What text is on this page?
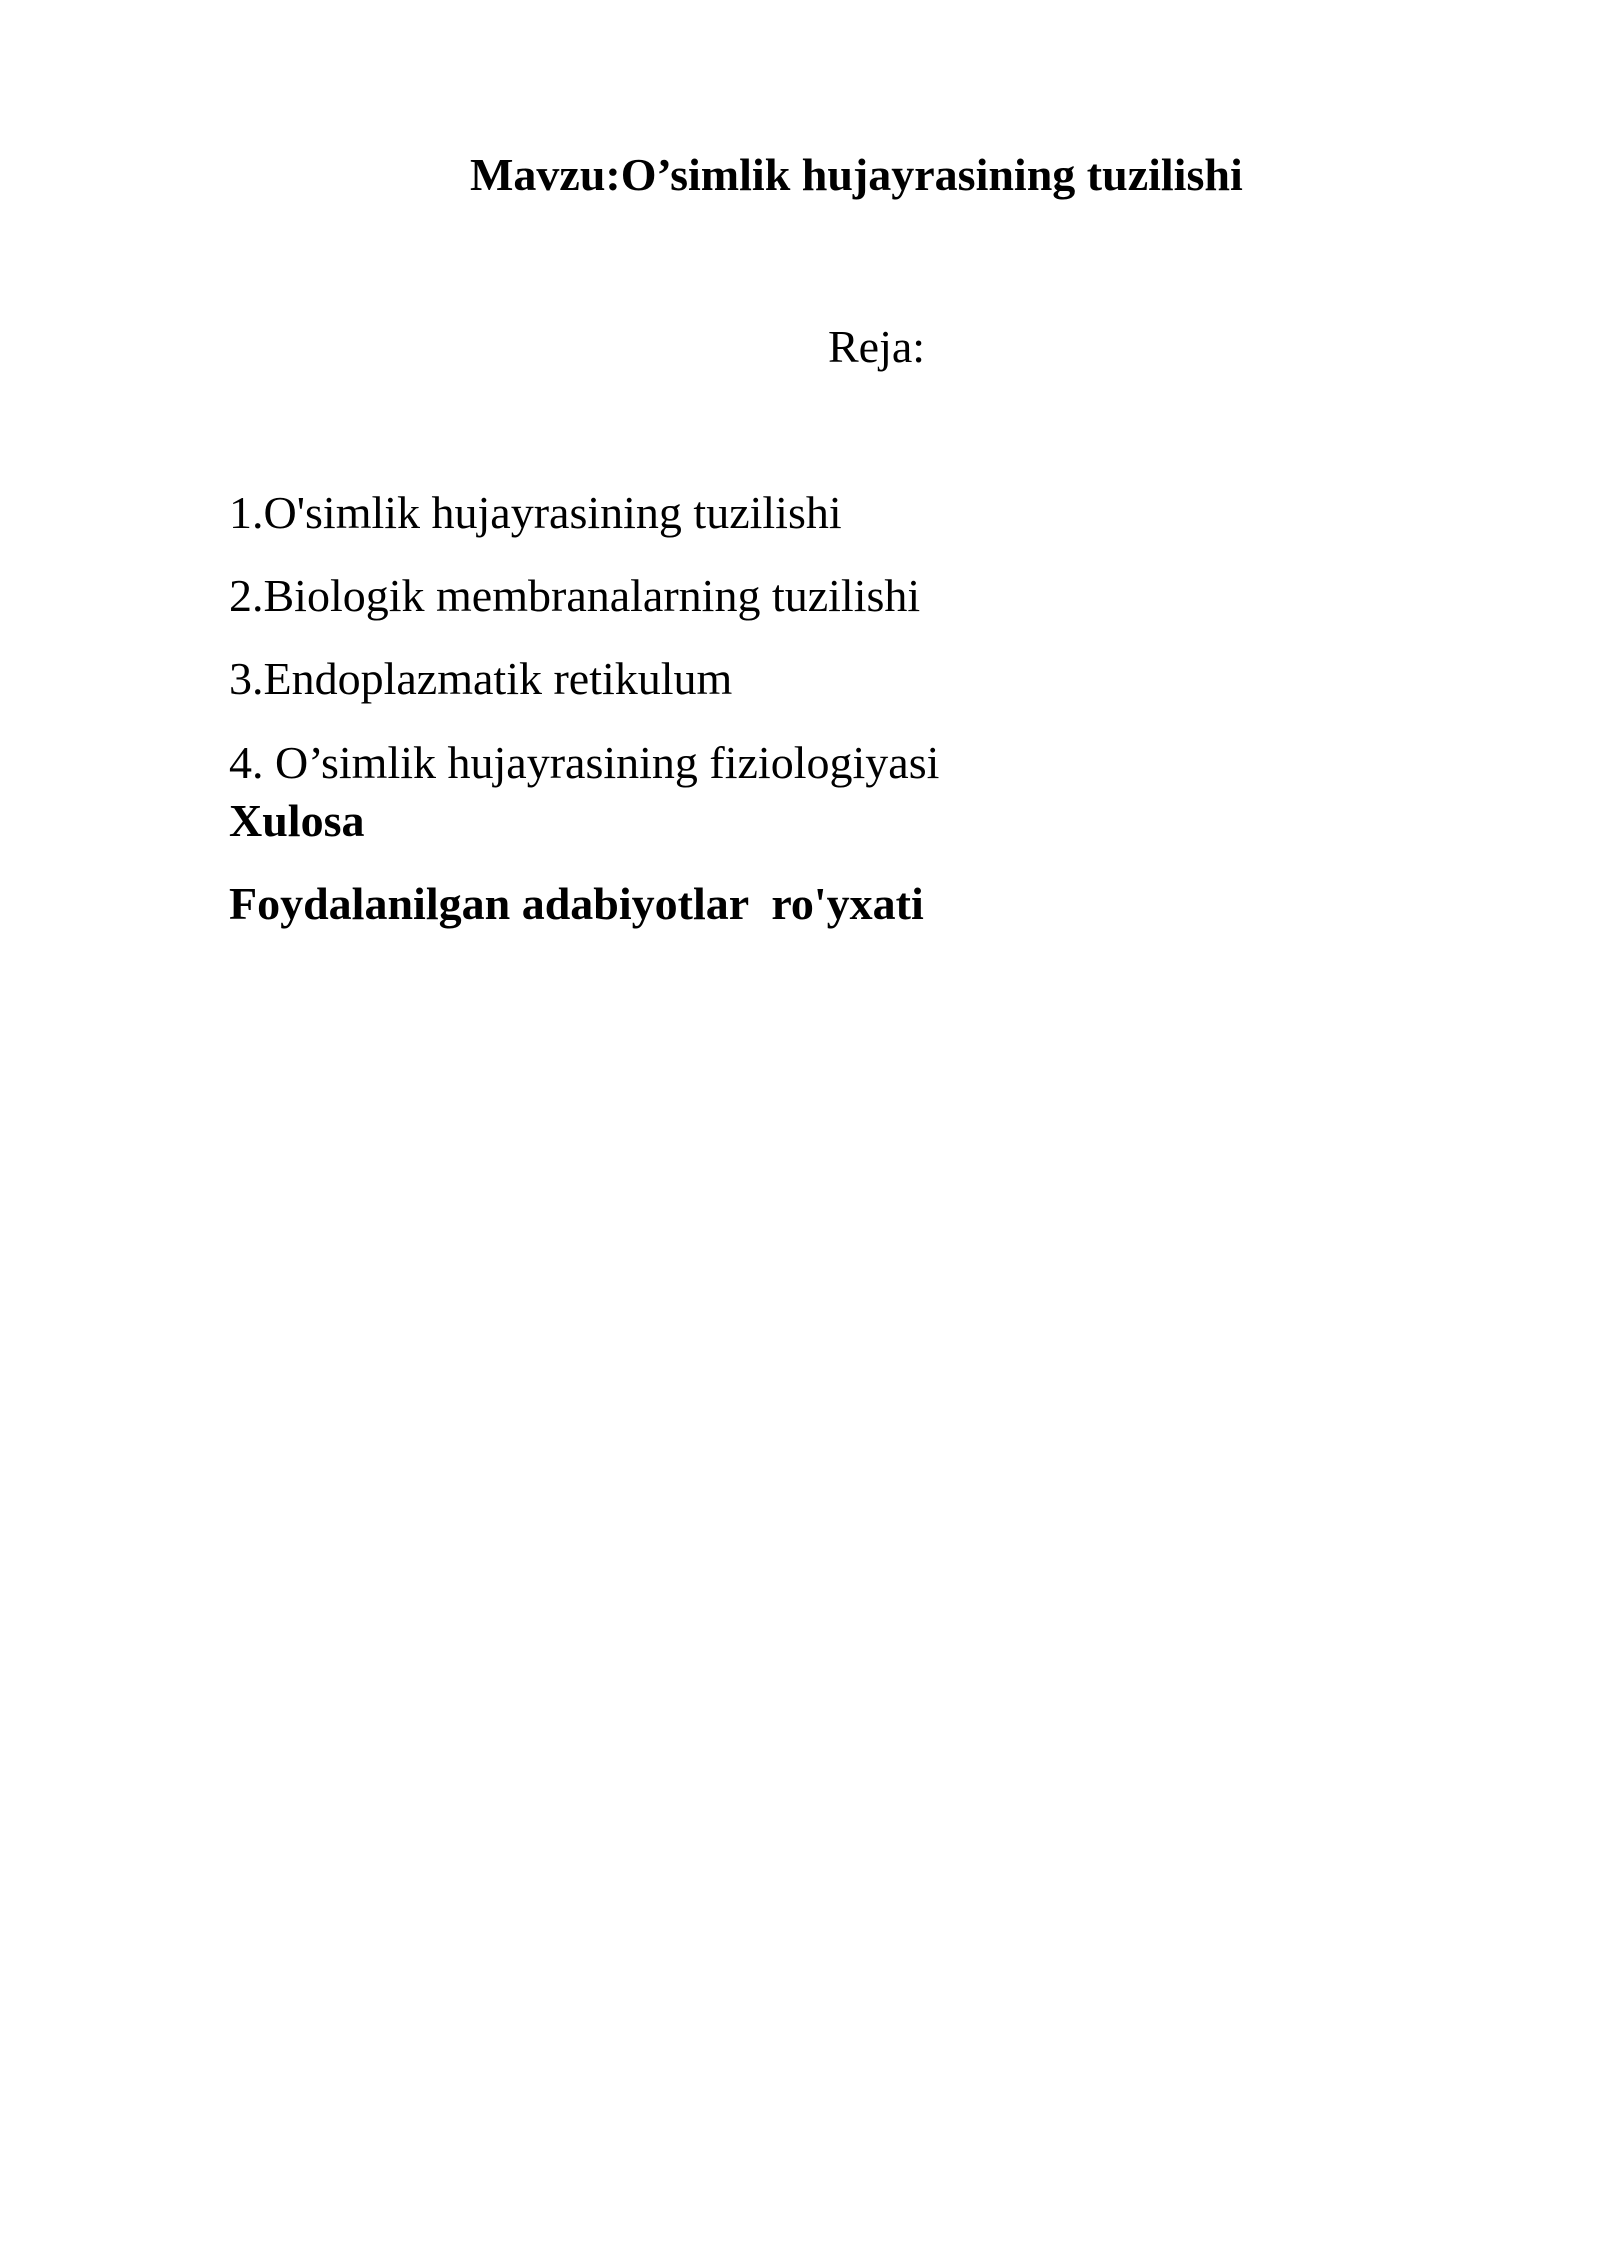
Mavzu:O’simlik hujayrasining tuzilishi
Reja:
1.O'simlik hujayrasining tuzilishi
2.Biologik membranalarning tuzilishi
3.Endoplazmatik retikulum
4. O’simlik hujayrasining fiziologiyasi
Xulosa
Foydalanilgan adabiyotlar  ro'yxati
